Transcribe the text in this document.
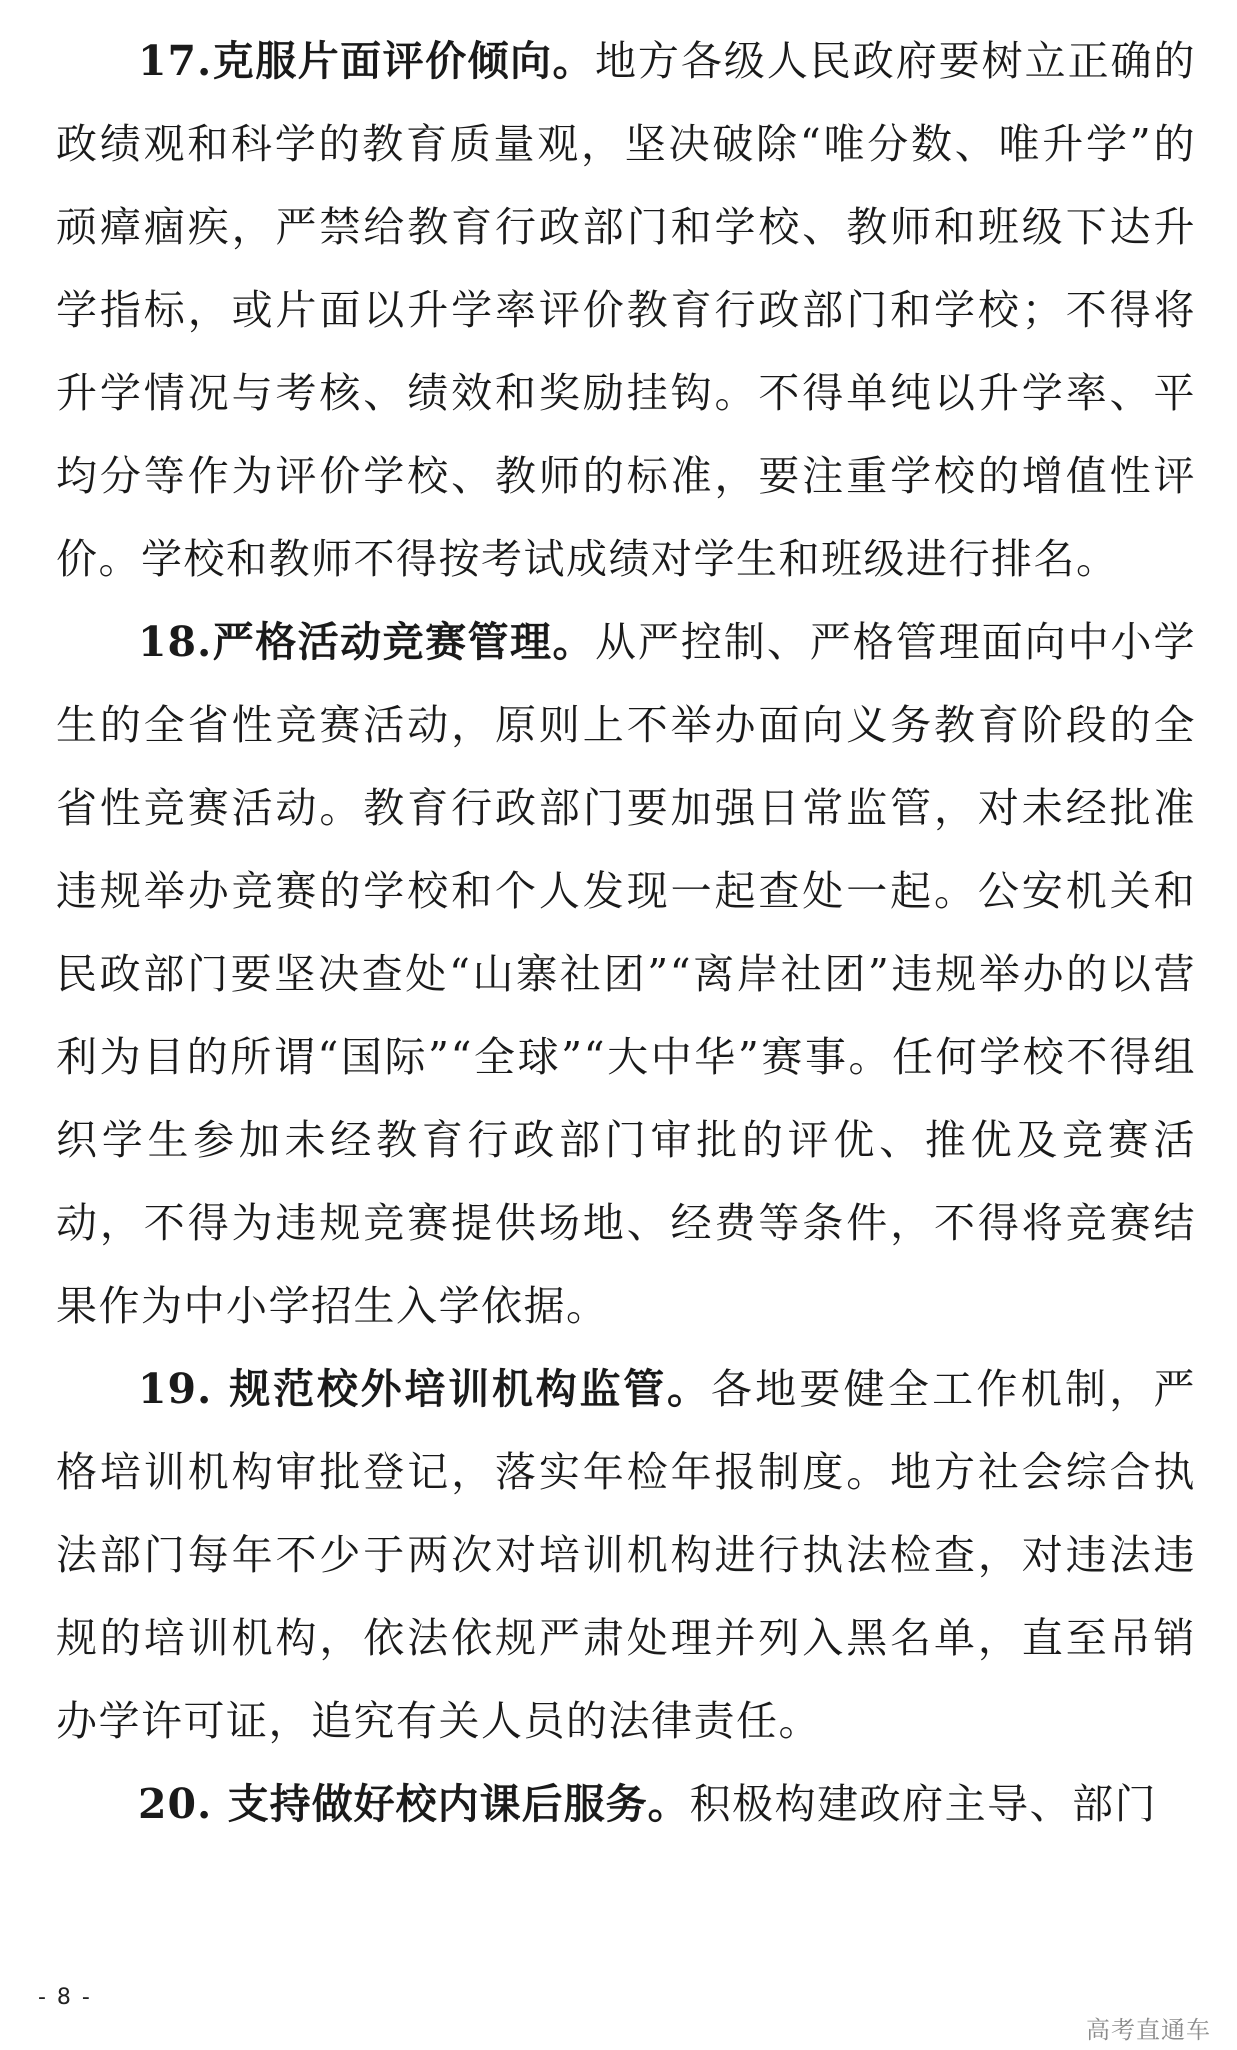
17.克服片面评价倾向。地方各级人民政府要树立正确的政绩观和科学的教育质量观，坚决破除“唯分数、唯升学”的顽瘴痼疾，严禁给教育行政部门和学校、教师和班级下达升学指标，或片面以升学率评价教育行政部门和学校；不得将升学情况与考核、绩效和奖励挂钩。不得单纯以升学率、平均分等作为评价学校、教师的标准，要注重学校的增值性评价。学校和教师不得按考试成绩对学生和班级进行排名。

18.严格活动竞赛管理。从严控制、严格管理面向中小学生的全省性竞赛活动，原则上不举办面向义务教育阶段的全省性竞赛活动。教育行政部门要加强日常监管，对未经批准违规举办竞赛的学校和个人发现一起查处一起。公安机关和民政部门要坚决查处“山寨社团”“离岸社团”违规举办的以营利为目的所谓“国际”“全球”“大中华”赛事。任何学校不得组织学生参加未经教育行政部门审批的评优、推优及竞赛活动，不得为违规竞赛提供场地、经费等条件，不得将竞赛结果作为中小学招生入学依据。

19. 规范校外培训机构监管。各地要健全工作机制，严格培训机构审批登记，落实年检年报制度。地方社会综合执法部门每年不少于两次对培训机构进行执法检查，对违法违规的培训机构，依法依规严肃处理并列入黑名单，直至吊销办学许可证，追究有关人员的法律责任。

20. 支持做好校内课后服务。积极构建政府主导、部门

- 8 -
高考直通车
